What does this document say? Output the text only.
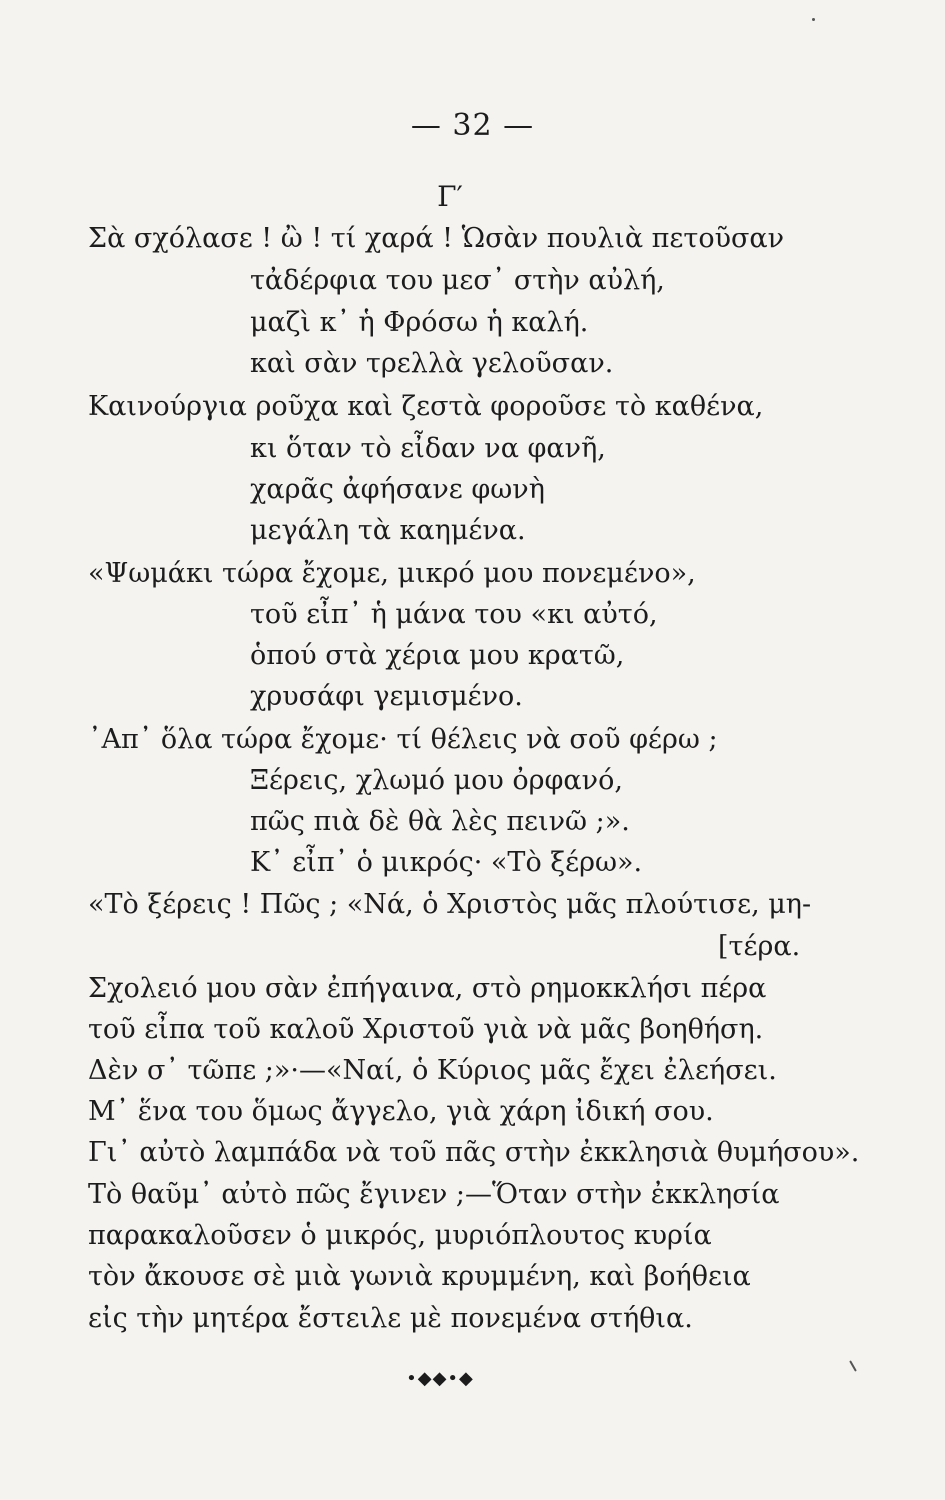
— 32 —
Γ′
Σὰ σχόλασε ! ὢ ! τί χαρά ! Ὡσὰν πουλιὰ πετοῦσαν
τἀδέρφια του μεσ᾿ στὴν αὐλή,
μαζὶ κ᾿ ἡ Φρόσω ἡ καλή.
καὶ σὰν τρελλὰ γελοῦσαν.
Καινούργια ροῦχα καὶ ζεστὰ φοροῦσε τὸ καθένα,
κι ὅταν τὸ εἶδαν να φανῆ,
χαρᾶς ἀφήσανε φωνὴ
μεγάλη τὰ καημένα.
«Ψωμάκι τώρα ἔχομε, μικρό μου πονεμένο»,
τοῦ εἶπ᾿ ἡ μάνα του «κι αὐτό,
ὁπού στὰ χέρια μου κρατῶ,
χρυσάφι γεμισμένο.
᾿Απ᾿ ὅλα τώρα ἔχομε· τί θέλεις νὰ σοῦ φέρω ;
Ξέρεις, χλωμό μου ὀρφανό,
πῶς πιὰ δὲ θὰ λὲς πεινῶ ;».
Κ᾿ εἶπ᾿ ὁ μικρός· «Τὸ ξέρω».
«Τὸ ξέρεις ! Πῶς ; «Νά, ὁ Χριστὸς μᾶς πλούτισε, μη-
[τέρα.
Σχολειό μου σὰν ἐπήγαινα, στὸ ρημοκκλήσι πέρα
τοῦ εἶπα τοῦ καλοῦ Χριστοῦ γιὰ νὰ μᾶς βοηθήση.
Δὲν σ᾿ τῶπε ;»·—«Ναί, ὁ Κύριος μᾶς ἔχει ἐλεήσει.
Μ᾿ ἕνα του ὅμως ἄγγελο, γιὰ χάρη ἰδική σου.
Γι᾿ αὐτὸ λαμπάδα νὰ τοῦ πᾶς στὴν ἐκκλησιὰ θυμήσου».
Τὸ θαῦμ᾿ αὐτὸ πῶς ἔγινεν ;—Ὅταν στὴν ἐκκλησία
παρακαλοῦσεν ὁ μικρός, μυριόπλουτος κυρία
τὸν ἄκουσε σὲ μιὰ γωνιὰ κρυμμένη, καὶ βοήθεια
εἰς τὴν μητέρα ἔστειλε μὲ πονεμένα στήθια.
•◆◆•◆
